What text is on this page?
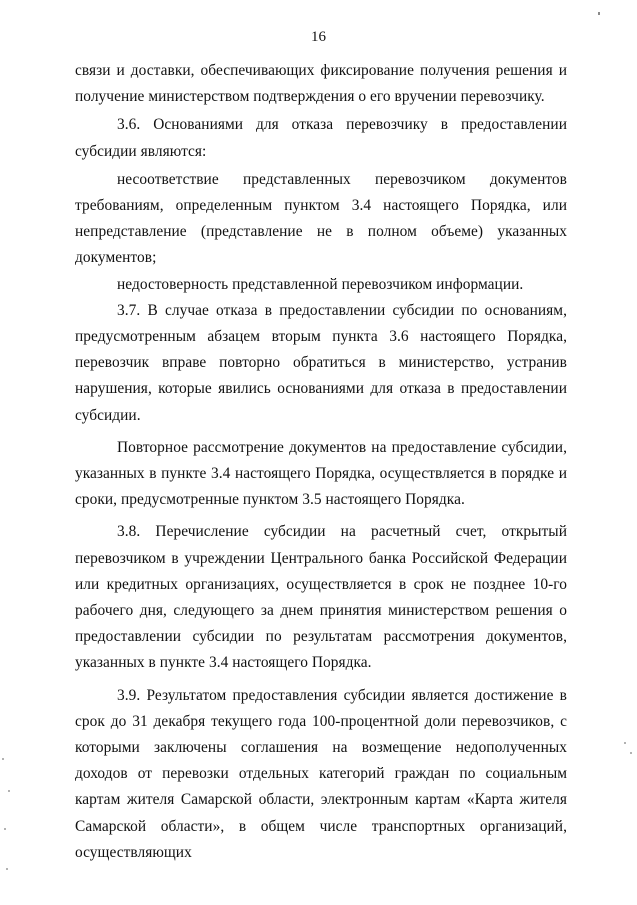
16

связи и доставки, обеспечивающих фиксирование получения решения и получение министерством подтверждения о его вручении перевозчику.

3.6. Основаниями для отказа перевозчику в предоставлении субсидии являются:

несоответствие представленных перевозчиком документов требованиям, определенным пунктом 3.4 настоящего Порядка, или непредставление (представление не в полном объеме) указанных документов;

недостоверность представленной перевозчиком информации.

3.7. В случае отказа в предоставлении субсидии по основаниям, предусмотренным абзацем вторым пункта 3.6 настоящего Порядка, перевозчик вправе повторно обратиться в министерство, устранив нарушения, которые явились основаниями для отказа в предоставлении субсидии.

Повторное рассмотрение документов на предоставление субсидии, указанных в пункте 3.4 настоящего Порядка, осуществляется в порядке и сроки, предусмотренные пунктом 3.5 настоящего Порядка.

3.8. Перечисление субсидии на расчетный счет, открытый перевозчиком в учреждении Центрального банка Российской Федерации или кредитных организациях, осуществляется в срок не позднее 10-го рабочего дня, следующего за днем принятия министерством решения о предоставлении субсидии по результатам рассмотрения документов, указанных в пункте 3.4 настоящего Порядка.

3.9. Результатом предоставления субсидии является достижение в срок до 31 декабря текущего года 100-процентной доли перевозчиков, с которыми заключены соглашения на возмещение недополученных доходов от перевозки отдельных категорий граждан по социальным картам жителя Самарской области, электронным картам «Карта жителя Самарской области», в общем числе транспортных организаций, осуществляющих
